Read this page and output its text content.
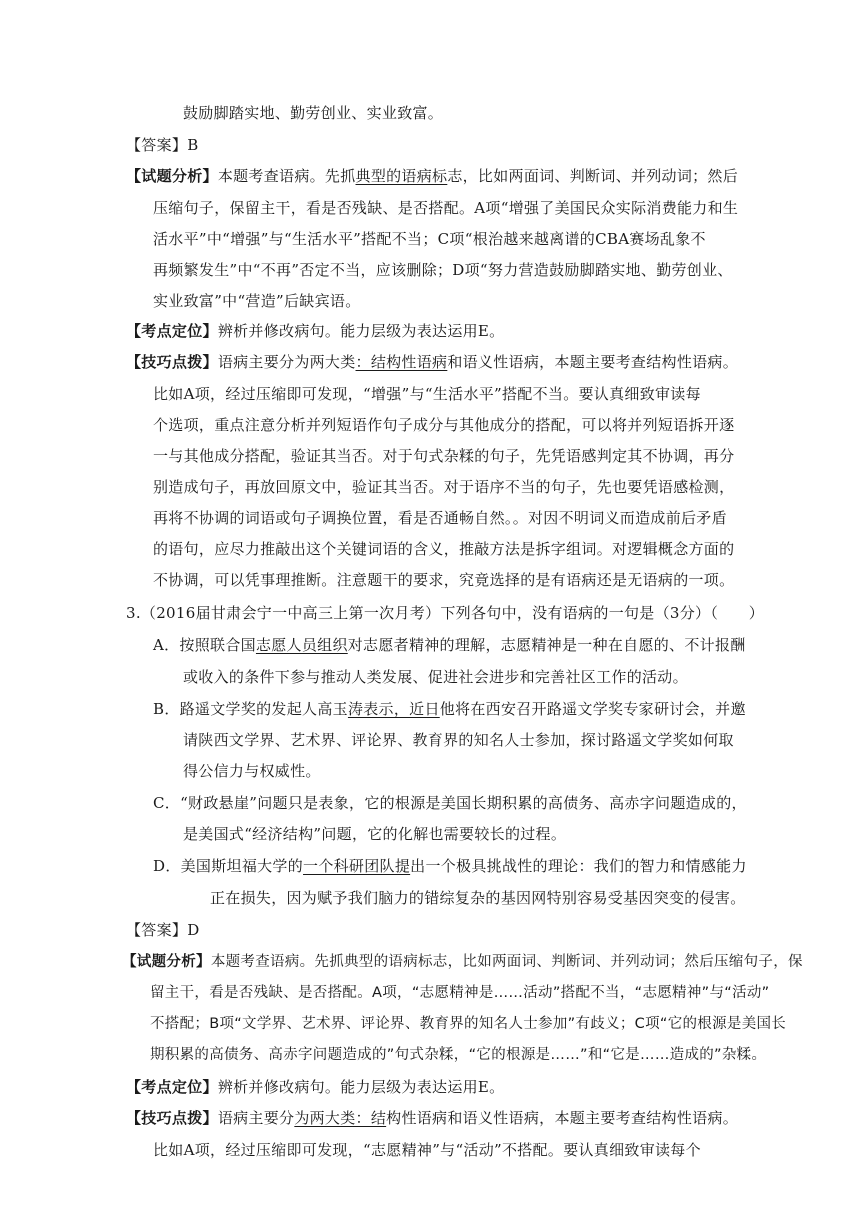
鼓励脚踏实地、勤劳创业、实业致富。
【答案】B
【试题分析】本题考查语病。先抓典型的语病标志，比如两面词、判断词、并列动词；然后
压缩句子，保留主干，看是否残缺、是否搭配。A项“增强了美国民众实际消费能力和生
活水平”中“增强”与“生活水平”搭配不当；C项“根治越来越离谱的CBA赛场乱象不
再频繁发生”中“不再”否定不当，应该删除；D项“努力营造鼓励脚踏实地、勤劳创业、
实业致富”中“营造”后缺宾语。
【考点定位】辨析并修改病句。能力层级为表达运用E。
【技巧点拨】语病主要分为两大类：结构性语病和语义性语病，本题主要考查结构性语病。
比如A项，经过压缩即可发现，“增强”与“生活水平”搭配不当。要认真细致审读每
个选项，重点注意分析并列短语作句子成分与其他成分的搭配，可以将并列短语拆开逐
一与其他成分搭配，验证其当否。对于句式杂糅的句子，先凭语感判定其不协调，再分
别造成句子，再放回原文中，验证其当否。对于语序不当的句子，先也要凭语感检测，
再将不协调的词语或句子调换位置，看是否通畅自然。。对因不明词义而造成前后矛盾
的语句，应尽力推敲出这个关键词语的含义，推敲方法是拆字组词。对逻辑概念方面的
不协调，可以凭事理推断。注意题干的要求，究竟选择的是有语病还是无语病的一项。
3.（2016届甘肃会宁一中高三上第一次月考）下列各句中，没有语病的一句是（3分）（　　）
A．按照联合国志愿人员组织对志愿者精神的理解，志愿精神是一种在自愿的、不计报酬
或收入的条件下参与推动人类发展、促进社会进步和完善社区工作的活动。
B．路遥文学奖的发起人高玉涛表示，近日他将在西安召开路遥文学奖专家研讨会，并邀
请陕西文学界、艺术界、评论界、教育界的知名人士参加，探讨路遥文学奖如何取
得公信力与权威性。
C．“财政悬崖”问题只是表象，它的根源是美国长期积累的高债务、高赤字问题造成的，
是美国式“经济结构”问题，它的化解也需要较长的过程。
D．美国斯坦福大学的一个科研团队提出一个极具挑战性的理论：我们的智力和情感能力
正在损失，因为赋予我们脑力的错综复杂的基因网特别容易受基因突变的侵害。
【答案】D
【试题分析】本题考查语病。先抓典型的语病标志，比如两面词、判断词、并列动词；然后压缩句子，保
留主干，看是否残缺、是否搭配。A项，“志愿精神是……活动”搭配不当，“志愿精神”与“活动”
不搭配；B项“文学界、艺术界、评论界、教育界的知名人士参加”有歧义；C项“它的根源是美国长
期积累的高债务、高赤字问题造成的”句式杂糅，“它的根源是……”和“它是……造成的”杂糅。
【考点定位】辨析并修改病句。能力层级为表达运用E。
【技巧点拨】语病主要分为两大类：结构性语病和语义性语病，本题主要考查结构性语病。
比如A项，经过压缩即可发现，“志愿精神”与“活动”不搭配。要认真细致审读每个
